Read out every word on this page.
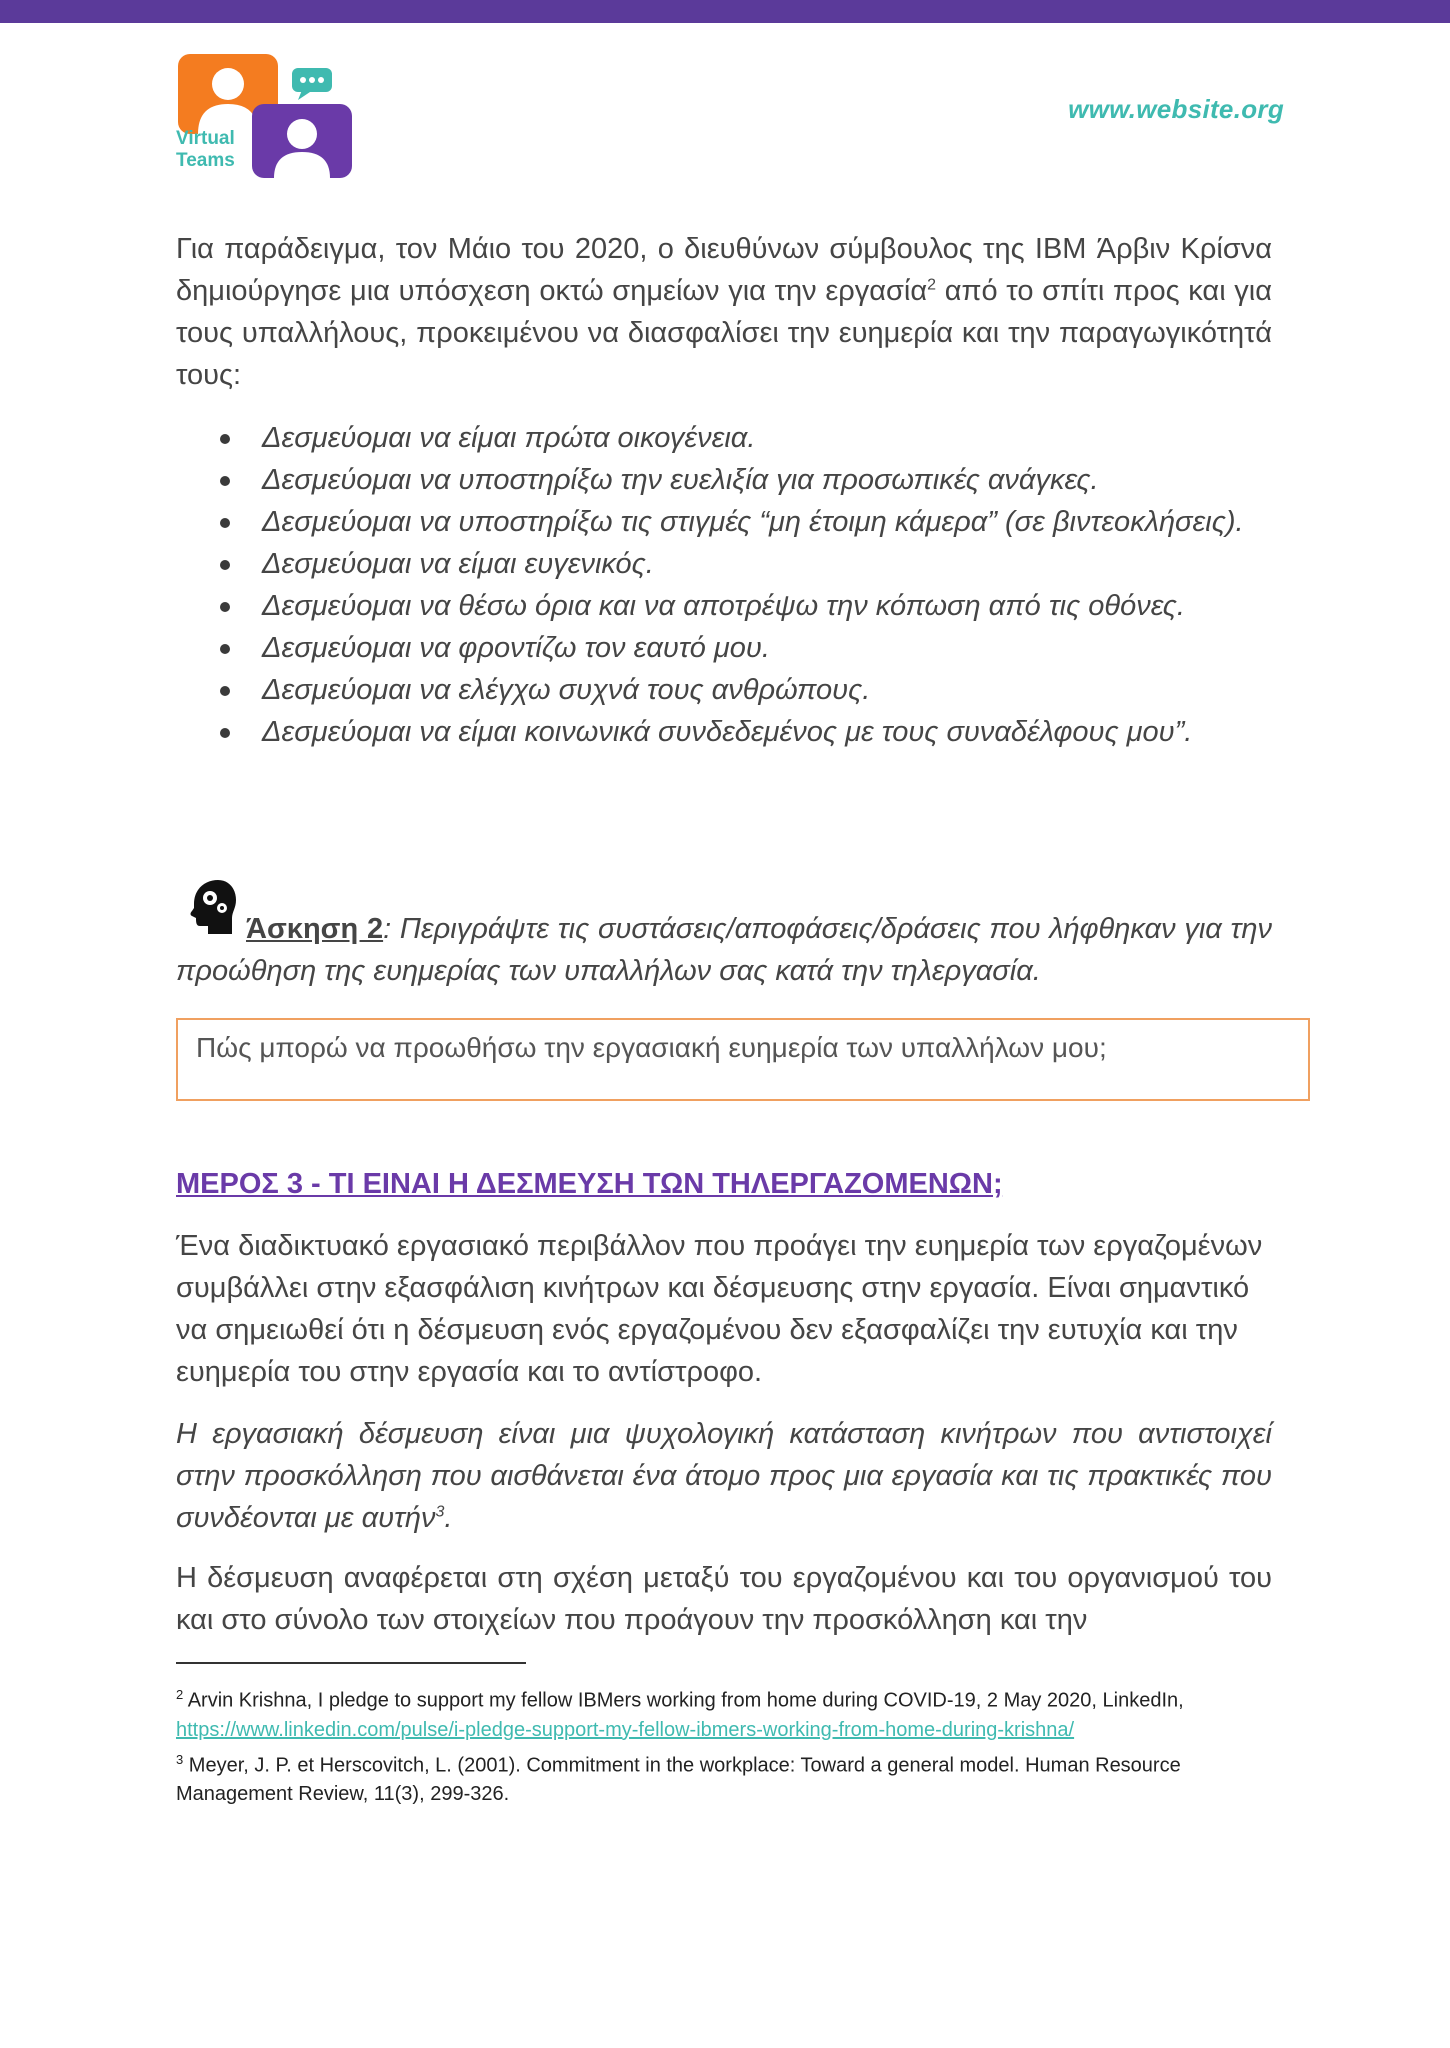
Virtual
Teams
www.website.org

Για παράδειγμα, τον Μάιο του 2020, ο διευθύνων σύμβουλος της IBM Άρβιν Κρίσνα δημιούργησε μια υπόσχεση οκτώ σημείων για την εργασία$^2$ από το σπίτι προς και για τους υπαλλήλους, προκειμένου να διασφαλίσει την ευημερία και την παραγωγικότητά τους:

Δεσμεύομαι να είμαι πρώτα οικογένεια.
Δεσμεύομαι να υποστηρίξω την ευελιξία για προσωπικές ανάγκες.
Δεσμεύομαι να υποστηρίξω τις στιγμές “μη έτοιμη κάμερα” (σε βιντεοκλήσεις).
Δεσμεύομαι να είμαι ευγενικός.
Δεσμεύομαι να θέσω όρια και να αποτρέψω την κόπωση από τις οθόνες.
Δεσμεύομαι να φροντίζω τον εαυτό μου.
Δεσμεύομαι να ελέγχω συχνά τους ανθρώπους.
Δεσμεύομαι να είμαι κοινωνικά συνδεδεμένος με τους συναδέλφους μου”.
Άσκηση 2: Περιγράψτε τις συστάσεις/αποφάσεις/δράσεις που λήφθηκαν για την προώθηση της ευημερίας των υπαλλήλων σας κατά την τηλεργασία.
Πώς μπορώ να προωθήσω την εργασιακή ευημερία των υπαλλήλων μου;
ΜΕΡΟΣ 3 - ΤΙ ΕΙΝΑΙ Η ΔΕΣΜΕΥΣΗ ΤΩΝ ΤΗΛΕΡΓΑΖΟΜΕΝΩΝ;

Ένα διαδικτυακό εργασιακό περιβάλλον που προάγει την ευημερία των εργαζομένων συμβάλλει στην εξασφάλιση κινήτρων και δέσμευσης στην εργασία. Είναι σημαντικό να σημειωθεί ότι η δέσμευση ενός εργαζομένου δεν εξασφαλίζει την ευτυχία και την ευημερία του στην εργασία και το αντίστροφο.

Η εργασιακή δέσμευση είναι μια ψυχολογική κατάσταση κινήτρων που αντιστοιχεί στην προσκόλληση που αισθάνεται ένα άτομο προς μια εργασία και τις πρακτικές που συνδέονται με αυτήν$^3$.

Η δέσμευση αναφέρεται στη σχέση μεταξύ του εργαζομένου και του οργανισμού του και στο σύνολο των στοιχείων που προάγουν την προσκόλληση και την

$^2$ Arvin Krishna, I pledge to support my fellow IBMers working from home during COVID-19, 2 May 2020, LinkedIn,
https://www.linkedin.com/pulse/i-pledge-support-my-fellow-ibmers-working-from-home-during-krishna/
$^3$ Meyer, J. P. et Herscovitch, L. (2001). Commitment in the workplace: Toward a general model. Human Resource Management Review, 11(3), 299-326.
